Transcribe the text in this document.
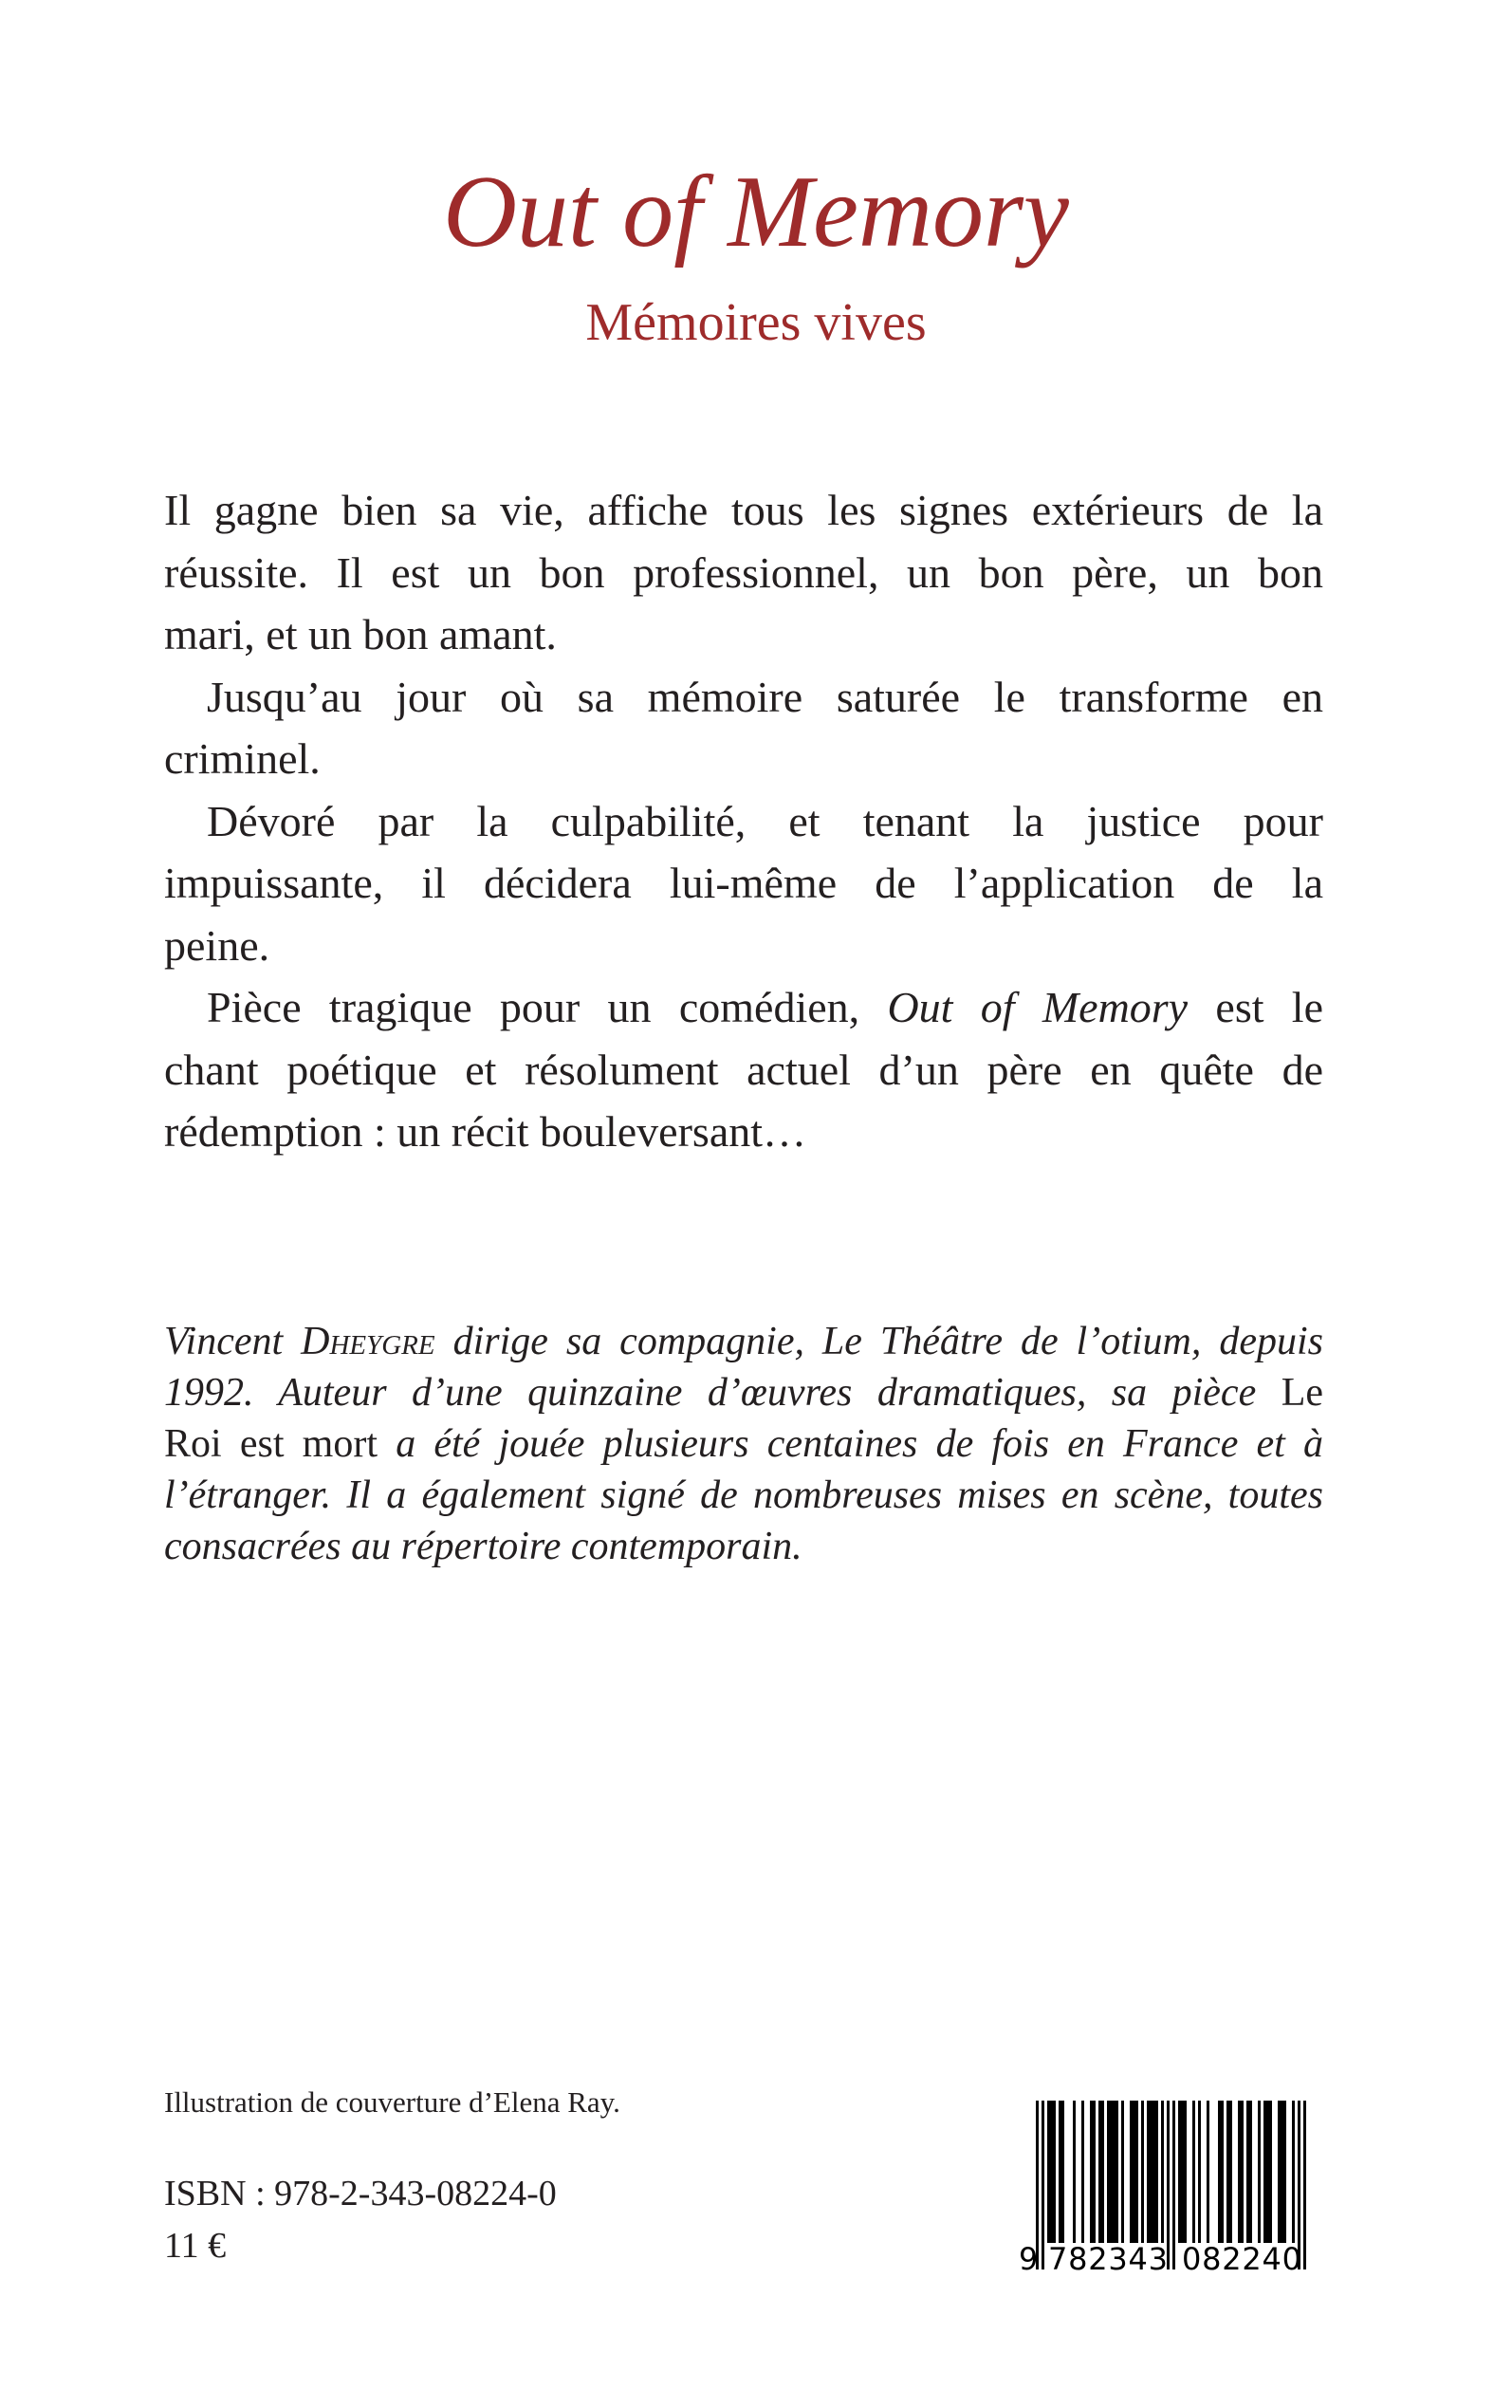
Out of Memory
Mémoires vives
Il gagne bien sa vie, affiche tous les signes extérieurs de la
réussite. Il est un bon professionnel, un bon père, un bon
mari, et un bon amant.
Jusqu’au jour où sa mémoire saturée le transforme en
criminel.
Dévoré par la culpabilité, et tenant la justice pour
impuissante, il décidera lui-même de l’application de la
peine.
Pièce tragique pour un comédien, Out of Memory est le
chant poétique et résolument actuel d’un père en quête de
rédemption : un récit bouleversant…
Vincent Dheygre dirige sa compagnie, Le Théâtre de l’otium, depuis
1992. Auteur d’une quinzaine d’œuvres dramatiques, sa pièce Le
Roi est mort a été jouée plusieurs centaines de fois en France et à
l’étranger. Il a également signé de nombreuses mises en scène, toutes
consacrées au répertoire contemporain.
Illustration de couverture d’Elena Ray.
ISBN : 978-2-343-08224-0
11 €	9 782343 082240
